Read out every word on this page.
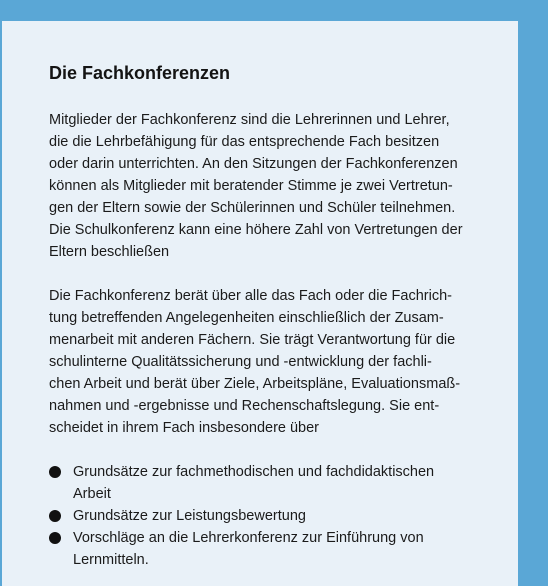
Die Fachkonferenzen

Mitglieder der Fachkonferenz sind die Lehrerinnen und Lehrer,
die die Lehrbefähigung für das entsprechende Fach besitzen
oder darin unterrichten. An den Sitzungen der Fachkonferenzen
können als Mitglieder mit beratender Stimme je zwei Vertretun-
gen der Eltern sowie der Schülerinnen und Schüler teilnehmen.
Die Schulkonferenz kann eine höhere Zahl von Vertretungen der
Eltern beschließen

Die Fachkonferenz berät über alle das Fach oder die Fachrich-
tung betreffenden Angelegenheiten einschließlich der Zusam-
menarbeit mit anderen Fächern. Sie trägt Verantwortung für die
schulinterne Qualitätssicherung und -entwicklung der fachli-
chen Arbeit und berät über Ziele, Arbeitspläne, Evaluationsmaß-
nahmen und -ergebnisse und Rechenschaftslegung. Sie ent-
scheidet in ihrem Fach insbesondere über

Grundsätze zur fachmethodischen und fachdidaktischen
Arbeit
Grundsätze zur Leistungsbewertung
Vorschläge an die Lehrerkonferenz zur Einführung von
Lernmitteln.
